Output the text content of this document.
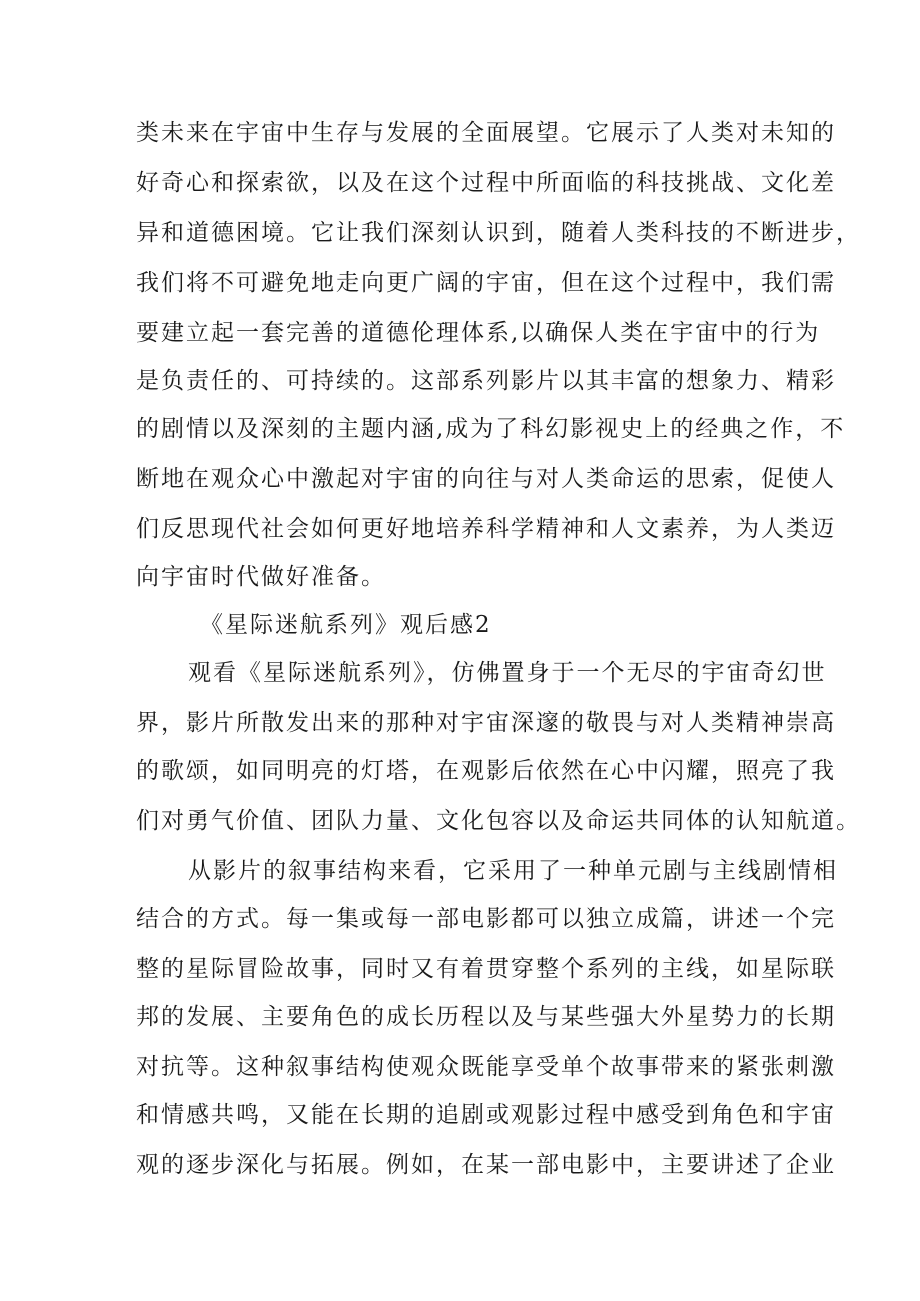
类未来在宇宙中生存与发展的全面展望。它展示了人类对未知的
好奇心和探索欲，以及在这个过程中所面临的科技挑战、文化差
异和道德困境。它让我们深刻认识到，随着人类科技的不断进步，
我们将不可避免地走向更广阔的宇宙，但在这个过程中，我们需
要建立起一套完善的道德伦理体系,以确保人类在宇宙中的行为
是负责任的、可持续的。这部系列影片以其丰富的想象力、精彩
的剧情以及深刻的主题内涵,成为了科幻影视史上的经典之作，不
断地在观众心中激起对宇宙的向往与对人类命运的思索，促使人
们反思现代社会如何更好地培养科学精神和人文素养，为人类迈
向宇宙时代做好准备。
《星际迷航系列》观后感2
观看《星际迷航系列》，仿佛置身于一个无尽的宇宙奇幻世
界，影片所散发出来的那种对宇宙深邃的敬畏与对人类精神崇高
的歌颂，如同明亮的灯塔，在观影后依然在心中闪耀，照亮了我
们对勇气价值、团队力量、文化包容以及命运共同体的认知航道。
从影片的叙事结构来看，它采用了一种单元剧与主线剧情相
结合的方式。每一集或每一部电影都可以独立成篇，讲述一个完
整的星际冒险故事，同时又有着贯穿整个系列的主线，如星际联
邦的发展、主要角色的成长历程以及与某些强大外星势力的长期
对抗等。这种叙事结构使观众既能享受单个故事带来的紧张刺激
和情感共鸣，又能在长期的追剧或观影过程中感受到角色和宇宙
观的逐步深化与拓展。例如，在某一部电影中，主要讲述了企业
